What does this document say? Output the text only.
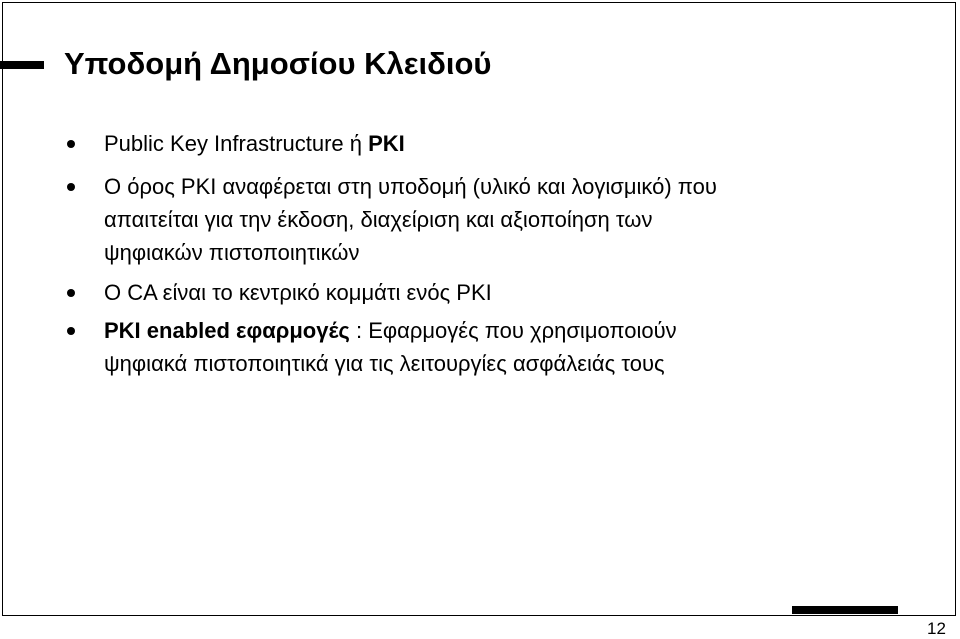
Υποδομή Δημοσίου Κλειδιού
Public Key Infrastructure ή PKI
Ο όρος PKI αναφέρεται στη υποδομή (υλικό και λογισμικό) που
απαιτείται για την έκδοση, διαχείριση και αξιοποίηση των
ψηφιακών πιστοποιητικών
O CA είναι το κεντρικό κομμάτι ενός PKI
PKI enabled εφαρμογές : Εφαρμογές που χρησιμοποιούν
ψηφιακά πιστοποιητικά για τις λειτουργίες ασφάλειάς τους
12
